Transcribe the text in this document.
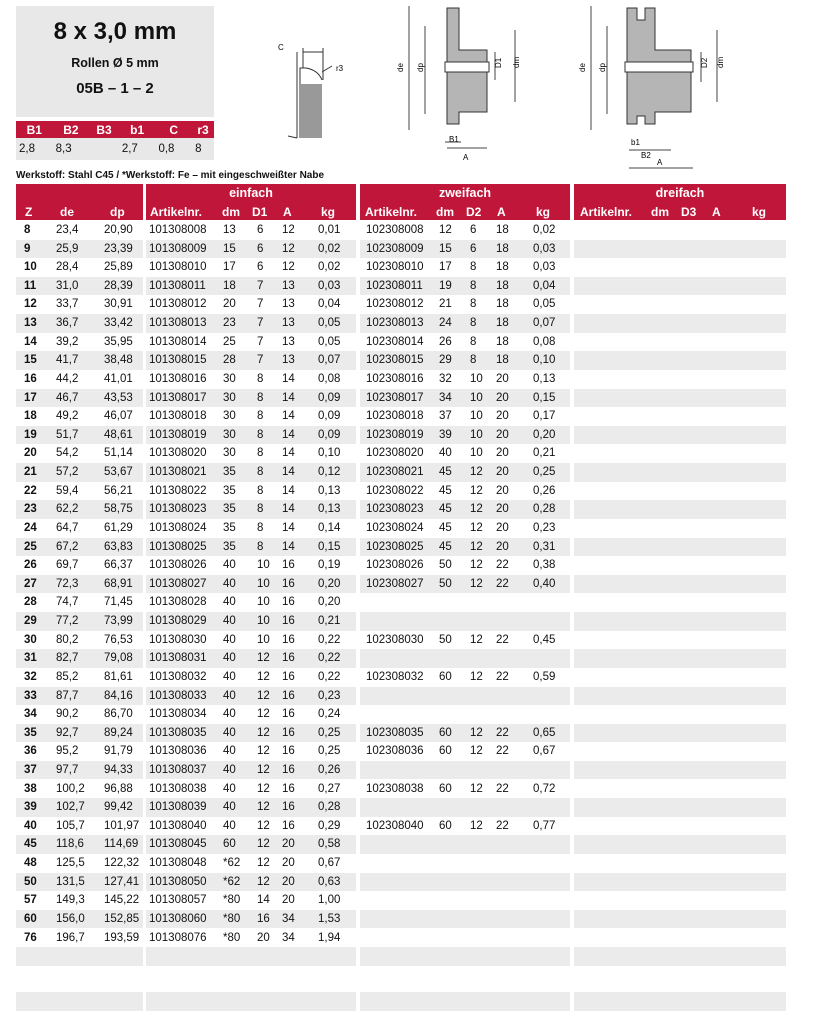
8 x 3,0 mm
Rollen Ø 5 mm
05B – 1 – 2
B1	B2	B3	b1	C	r3
2,8	8,3		2,7	0,8	8
C
r3	de dp	D1 dm
B1
A
de dp	D2 dm
b1
B2
A
Werkstoff: Stahl C45 / *Werkstoff: Fe – mit eingeschweißter Nabe
Z de	dp
einfach
Artikelnr. dm D1 A kg
zweifach
Artikelnr. dm D2 A	kg
dreifach
Artikelnr. dm D3 A	kg
8 23,4 20,90 101308008 13 6 12 0,01 102308008 12 6 18 0,02
9 25,9 23,39 101308009 15 6 12 0,02 102308009 15 6 18 0,03
10 28,4 25,89 101308010 17 6 12 0,02 102308010 17 8 18 0,03
11 31,0 28,39 101308011 18 7 13 0,03 102308011 19 8 18 0,04
12 33,7 30,91 101308012 20 7 13 0,04 102308012 21 8 18 0,05
13 36,7 33,42 101308013 23 7 13 0,05 102308013 24 8 18 0,07
14 39,2 35,95 101308014 25 7 13 0,05 102308014 26 8 18 0,08
15 41,7 38,48 101308015 28 7 13 0,07 102308015 29 8 18 0,10
16 44,2 41,01 101308016 30 8 14 0,08 102308016 32 10 20 0,13
17 46,7 43,53 101308017 30 8 14 0,09 102308017 34 10 20 0,15
18 49,2 46,07 101308018 30 8 14 0,09 102308018 37 10 20 0,17
19 51,7 48,61 101308019 30 8 14 0,09 102308019 39 10 20 0,20
20 54,2 51,14 101308020 30 8 14 0,10 102308020 40 10 20 0,21
21 57,2 53,67 101308021 35 8 14 0,12 102308021 45 12 20 0,25
22 59,4 56,21 101308022 35 8 14 0,13 102308022 45 12 20 0,26
23 62,2 58,75 101308023 35 8 14 0,13 102308023 45 12 20 0,28
24 64,7 61,29 101308024 35 8 14 0,14 102308024 45 12 20 0,23
25 67,2 63,83 101308025 35 8 14 0,15 102308025 45 12 20 0,31
26 69,7 66,37 101308026 40 10 16 0,19 102308026 50 12 22 0,38
27 72,3 68,91 101308027 40 10 16 0,20 102308027 50 12 22 0,40
28 74,7 71,45 101308028 40 10 16 0,20
29 77,2 73,99 101308029 40 10 16 0,21
30 80,2 76,53 101308030 40 10 16 0,22 102308030 50 12 22 0,45
31 82,7 79,08 101308031 40 12 16 0,22
32 85,2 81,61 101308032 40 12 16 0,22 102308032 60 12 22 0,59
33 87,7 84,16 101308033 40 12 16 0,23
34 90,2 86,70 101308034 40 12 16 0,24
35 92,7 89,24 101308035 40 12 16 0,25 102308035 60 12 22 0,65
36 95,2 91,79 101308036 40 12 16 0,25 102308036 60 12 22 0,67
37 97,7 94,33 101308037 40 12 16 0,26
38 100,2 96,88 101308038 40 12 16 0,27 102308038 60 12 22 0,72
39 102,7 99,42 101308039 40 12 16 0,28
40 105,7 101,97 101308040 40 12 16 0,29 102308040 60 12 22 0,77
45 118,6 114,69 101308045 60 12 20 0,58
48 125,5 122,32 101308048 *62 12 20 0,67
50 131,5 127,41 101308050 *62 12 20 0,63
57 149,3 145,22 101308057 *80 14 20 1,00
60 156,0 152,85 101308060 *80 16 34 1,53
76 196,7 193,59 101308076 *80 20 34 1,94
